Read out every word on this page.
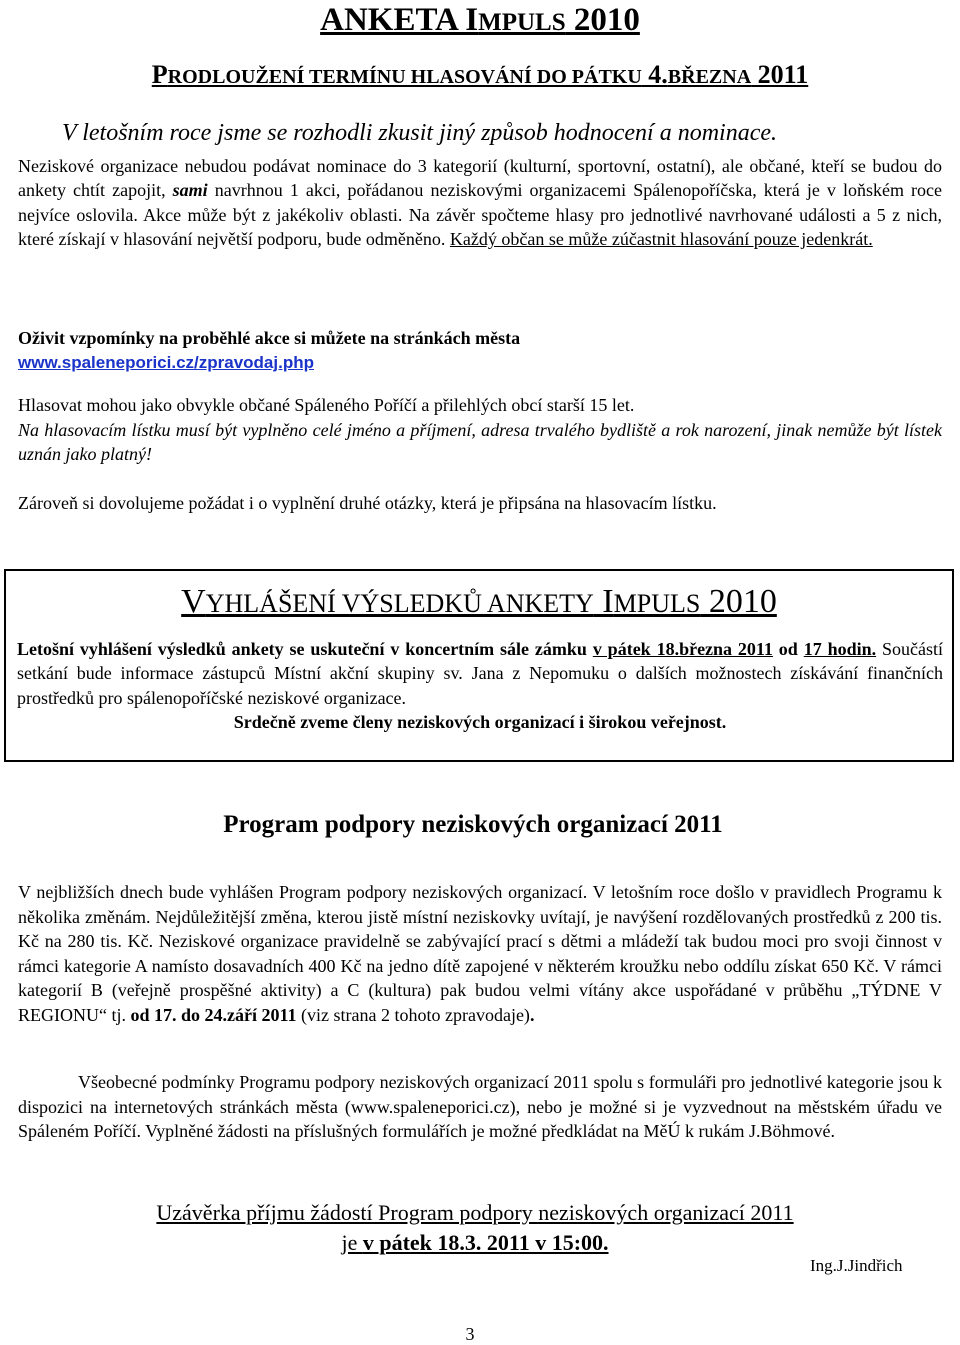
ANKETA IMPULS 2010
PRODLOUŽENÍ TERMÍNU HLASOVÁNÍ DO PÁTKU 4.BŘEZNA 2011
V letošním roce jsme se rozhodli zkusit jiný způsob hodnocení a nominace.
Neziskové organizace nebudou podávat nominace do 3 kategorií (kulturní, sportovní, ostatní), ale občané, kteří se budou do ankety chtít zapojit, sami navrhnou 1 akci, pořádanou neziskovými organizacemi Spálenopoříčska, která je v loňském roce nejvíce oslovila. Akce může být z jakékoliv oblasti. Na závěr spočteme hlasy pro jednotlivé navrhované události a 5 z nich, které získají v hlasování největší podporu, bude odměněno. Každý občan se může zúčastnit hlasování pouze jedenkrát.
Oživit vzpomínky na proběhlé akce si můžete na stránkách města
www.spaleneporici.cz/zpravodaj.php
Hlasovat mohou jako obvykle občané Spáleného Poříčí a přilehlých obcí starší 15 let.
Na hlasovacím lístku musí být vyplněno celé jméno a příjmení, adresa trvalého bydliště a rok narození, jinak nemůže být lístek uznán jako platný!
Zároveň si dovolujeme požádat i o vyplnění druhé otázky, která je připsána na hlasovacím lístku.
VYHLÁŠENÍ VÝSLEDKŮ ANKETY IMPULS 2010
Letošní vyhlášení výsledků ankety se uskuteční v koncertním sále zámku v pátek 18.března 2011 od 17 hodin. Součástí setkání bude informace zástupců Místní akční skupiny sv. Jana z Nepomuku o dalších možnostech získávání finančních prostředků pro spálenopoříčské neziskové organizace.

Srdečně zveme členy neziskových organizací i širokou veřejnost.
Program podpory neziskových organizací 2011
V nejbližších dnech bude vyhlášen Program podpory neziskových organizací. V letošním roce došlo v pravidlech Programu k několika změnám. Nejdůležitější změna, kterou jistě místní neziskovky uvítají, je navýšení rozdělovaných prostředků z 200 tis. Kč na 280 tis. Kč. Neziskové organizace pravidelně se zabývající prací s dětmi a mládeží tak budou moci pro svoji činnost v rámci kategorie A namísto dosavadních 400 Kč na jedno dítě zapojené v některém kroužku nebo oddílu získat 650 Kč. V rámci kategorií B (veřejně prospěšné aktivity) a C (kultura) pak budou velmi vítány akce uspořádané v průběhu „TÝDNE V REGIONU“ tj. od 17. do 24.září 2011 (viz strana 2 tohoto zpravodaje).
Všeobecné podmínky Programu podpory neziskových organizací 2011 spolu s formuláři pro jednotlivé kategorie jsou k dispozici na internetových stránkách města (www.spaleneporici.cz), nebo je možné si je vyzvednout na městském úřadu ve Spáleném Poříčí. Vyplněné žádosti na příslušných formulářích je možné předkládat na MěÚ k rukám J.Böhmové.
Uzávěrka příjmu žádostí Program podpory neziskových organizací 2011
je v pátek 18.3. 2011 v 15:00.
Ing.J.Jindřich
3
